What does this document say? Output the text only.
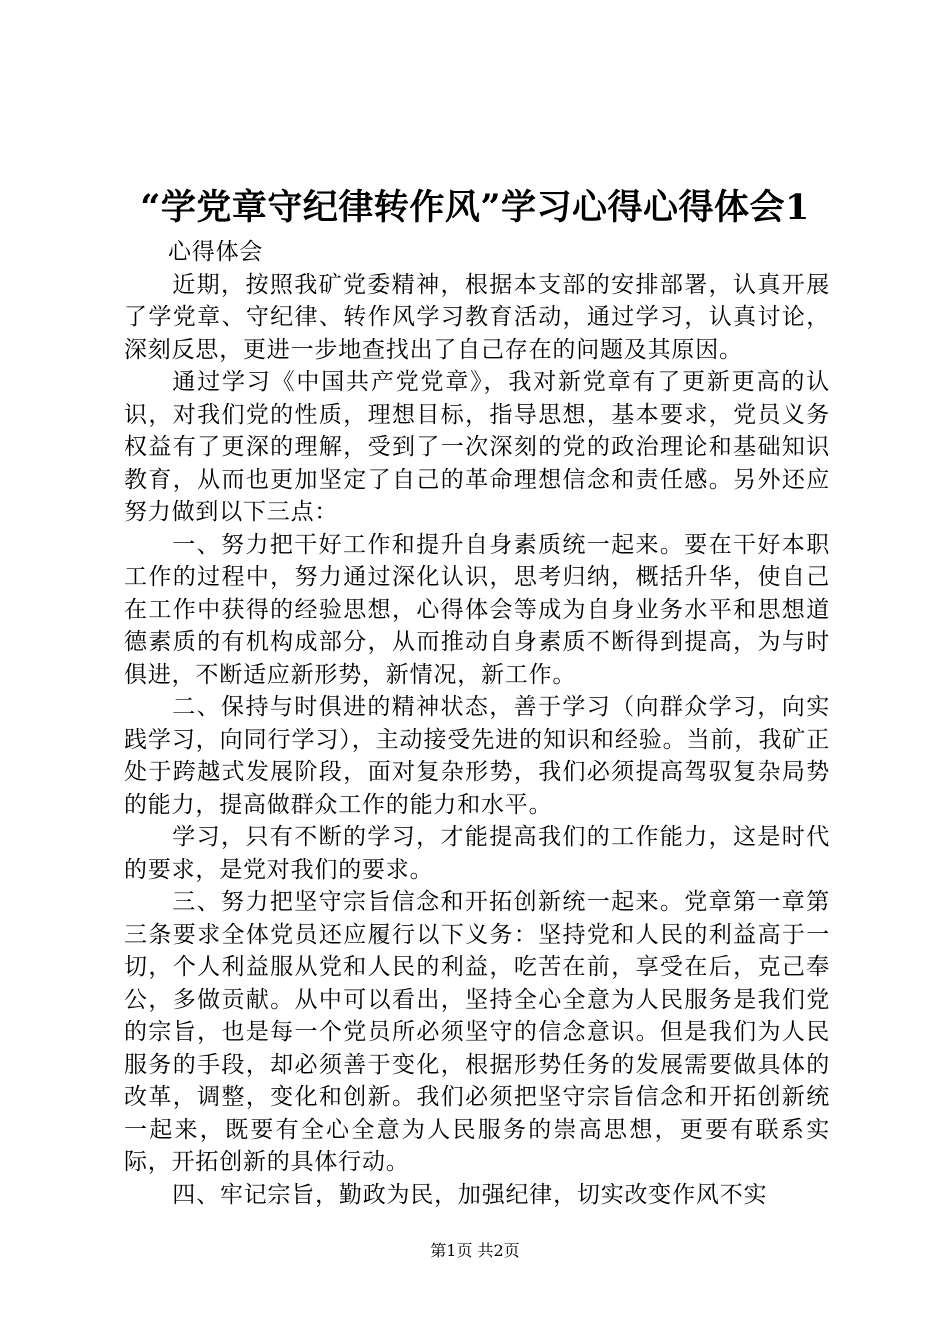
“学党章守纪律转作风”学习心得心得体会1

心得体会

近期，按照我矿党委精神，根据本支部的安排部署，认真开展了学党章、守纪律、转作风学习教育活动，通过学习，认真讨论，深刻反思，更进一步地查找出了自己存在的问题及其原因。

通过学习《中国共产党党章》，我对新党章有了更新更高的认识，对我们党的性质，理想目标，指导思想，基本要求，党员义务权益有了更深的理解，受到了一次深刻的党的政治理论和基础知识教育，从而也更加坚定了自己的革命理想信念和责任感。另外还应努力做到以下三点：

一、努力把干好工作和提升自身素质统一起来。要在干好本职工作的过程中，努力通过深化认识，思考归纳，概括升华，使自己在工作中获得的经验思想，心得体会等成为自身业务水平和思想道德素质的有机构成部分，从而推动自身素质不断得到提高，为与时俱进，不断适应新形势，新情况，新工作。

二、保持与时俱进的精神状态，善于学习（向群众学习，向实践学习，向同行学习），主动接受先进的知识和经验。当前，我矿正处于跨越式发展阶段，面对复杂形势，我们必须提高驾驭复杂局势的能力，提高做群众工作的能力和水平。

学习，只有不断的学习，才能提高我们的工作能力，这是时代的要求，是党对我们的要求。

三、努力把坚守宗旨信念和开拓创新统一起来。党章第一章第三条要求全体党员还应履行以下义务：坚持党和人民的利益高于一切，个人利益服从党和人民的利益，吃苦在前，享受在后，克己奉公，多做贡献。从中可以看出，坚持全心全意为人民服务是我们党的宗旨，也是每一个党员所必须坚守的信念意识。但是我们为人民服务的手段，却必须善于变化，根据形势任务的发展需要做具体的改革，调整，变化和创新。我们必须把坚守宗旨信念和开拓创新统一起来，既要有全心全意为人民服务的崇高思想，更要有联系实际，开拓创新的具体行动。

四、牢记宗旨，勤政为民，加强纪律，切实改变作风不实

第1页 共2页
